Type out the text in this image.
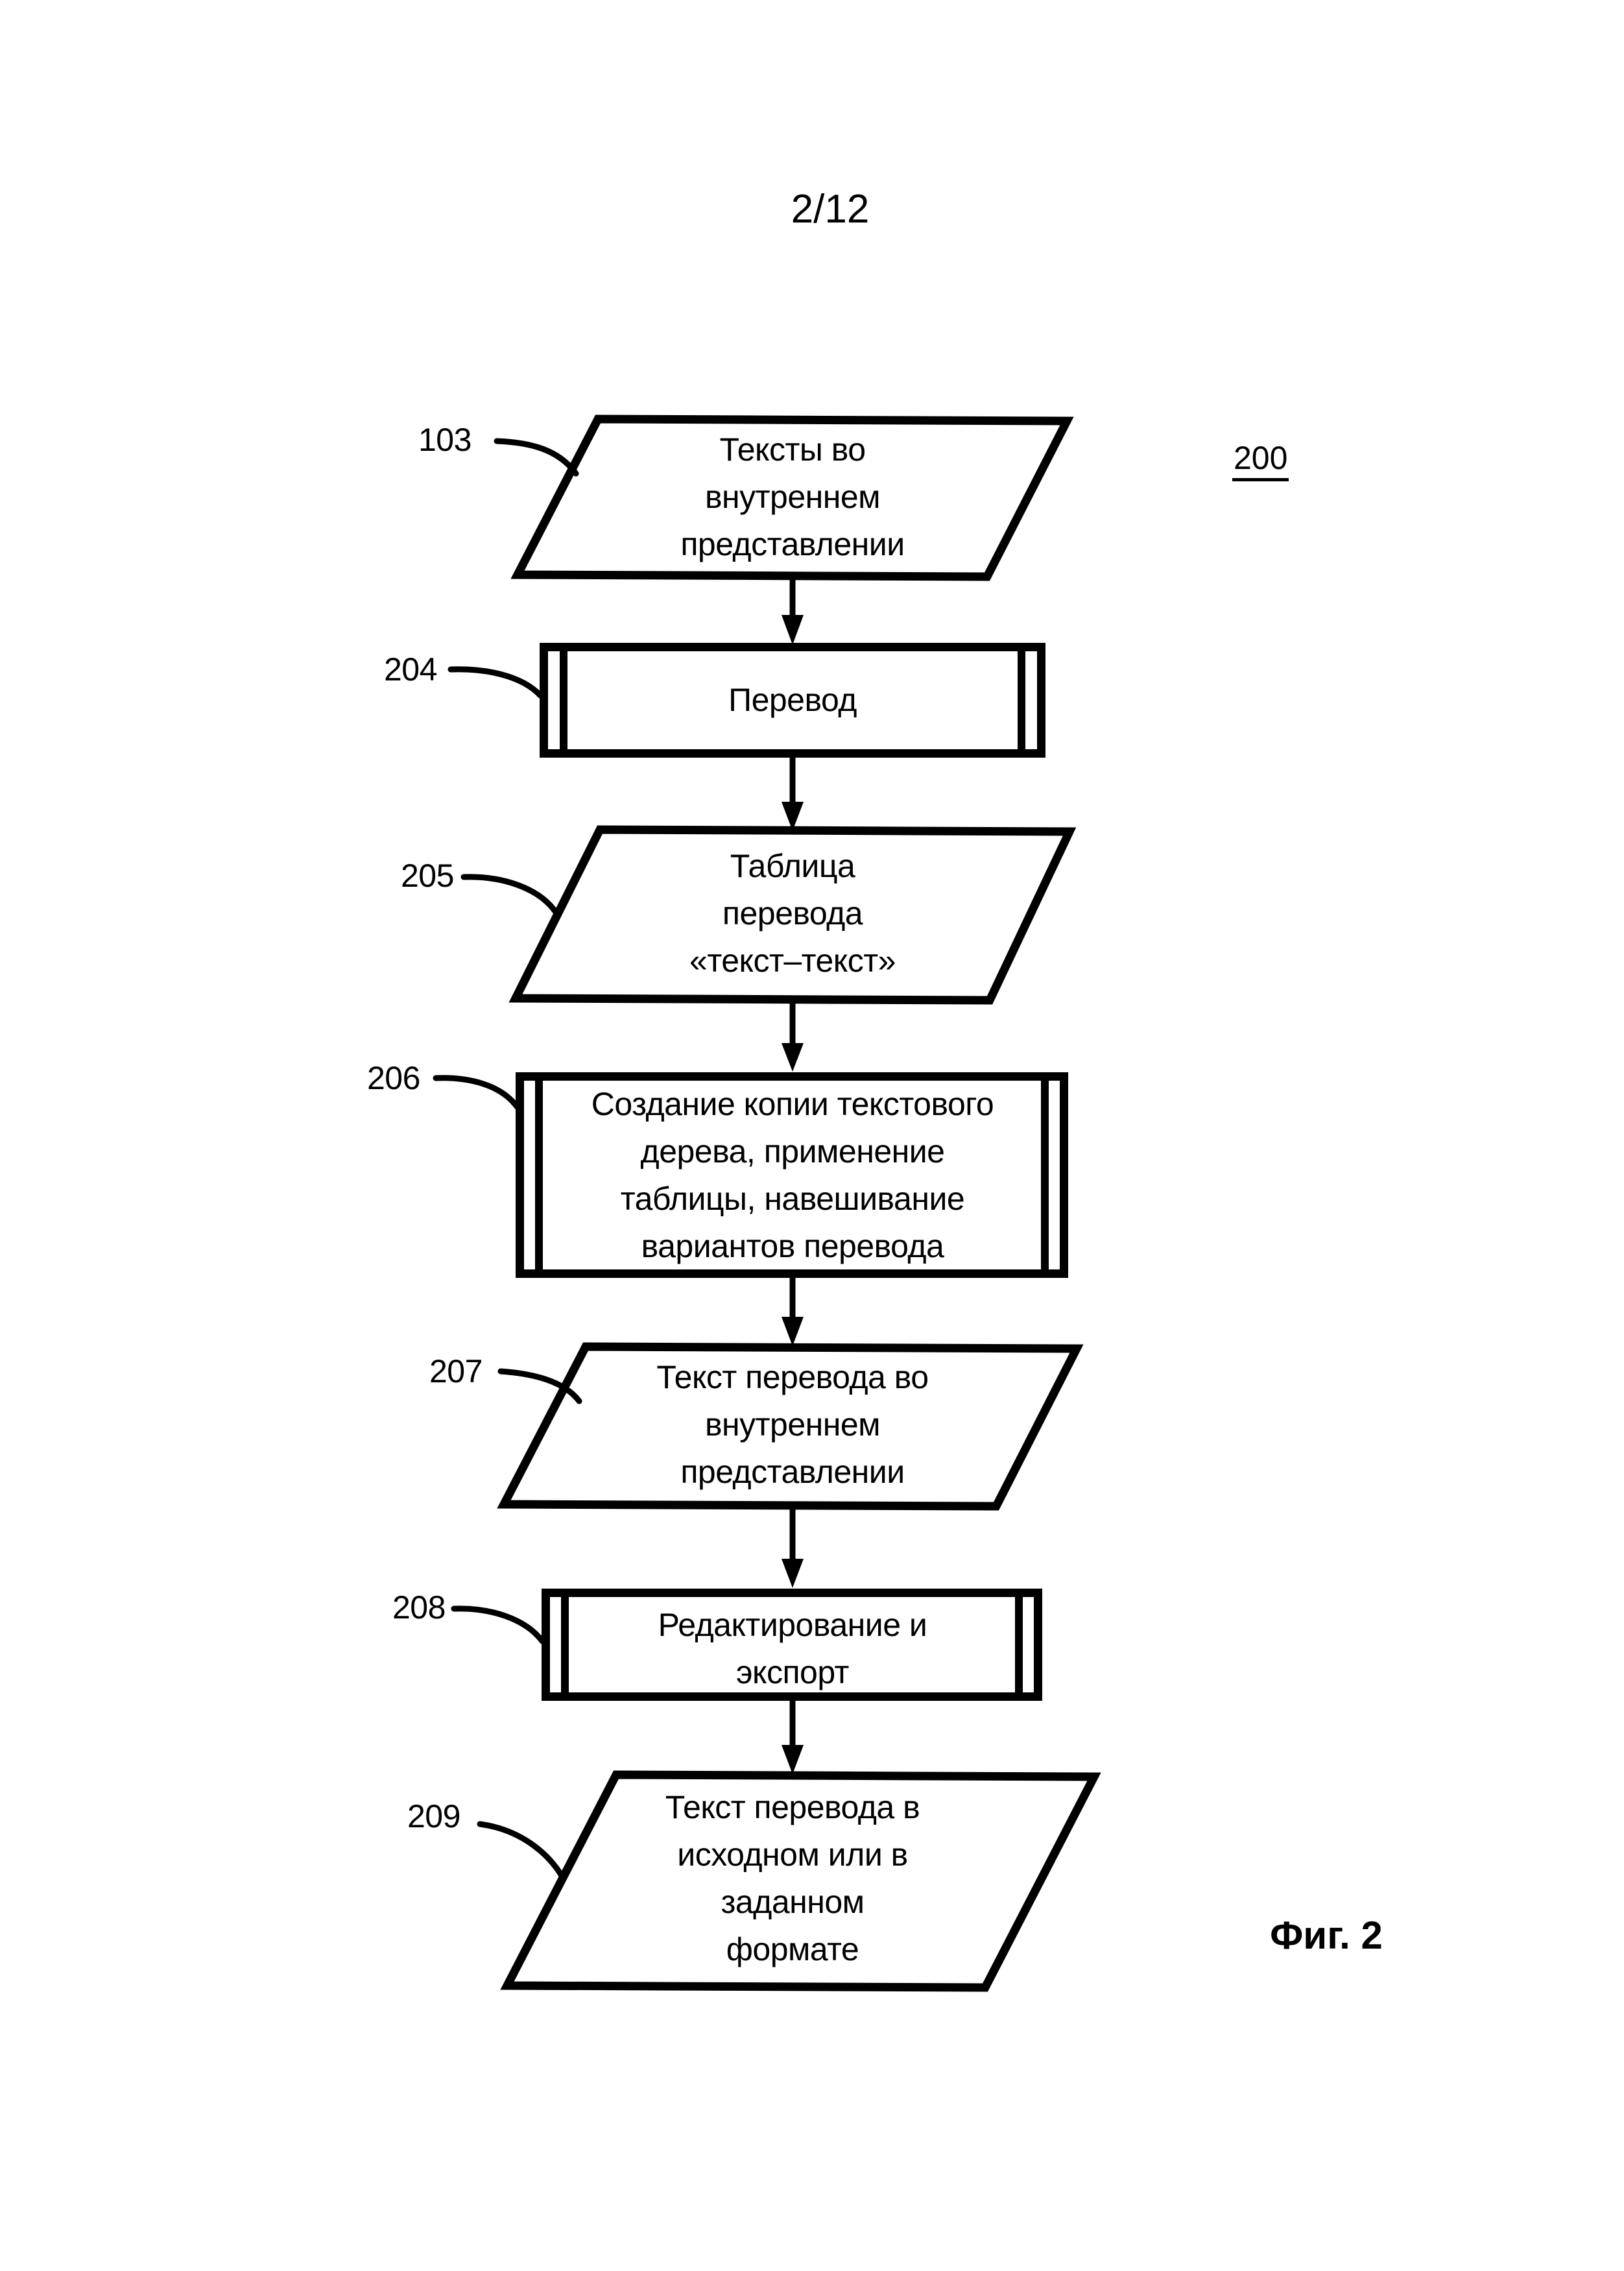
2/12
200
Фиг. 2
103
204
205
206
207
208
209
Тексты во
внутреннем
представлении
Перевод
Таблица
перевода
«текст–текст»
Создание копии текстового
дерева, применение
таблицы, навешивание
вариантов перевода
Текст перевода во
внутреннем
представлении
Редактирование и
экспорт
Текст перевода в
исходном или в
заданном
формате
